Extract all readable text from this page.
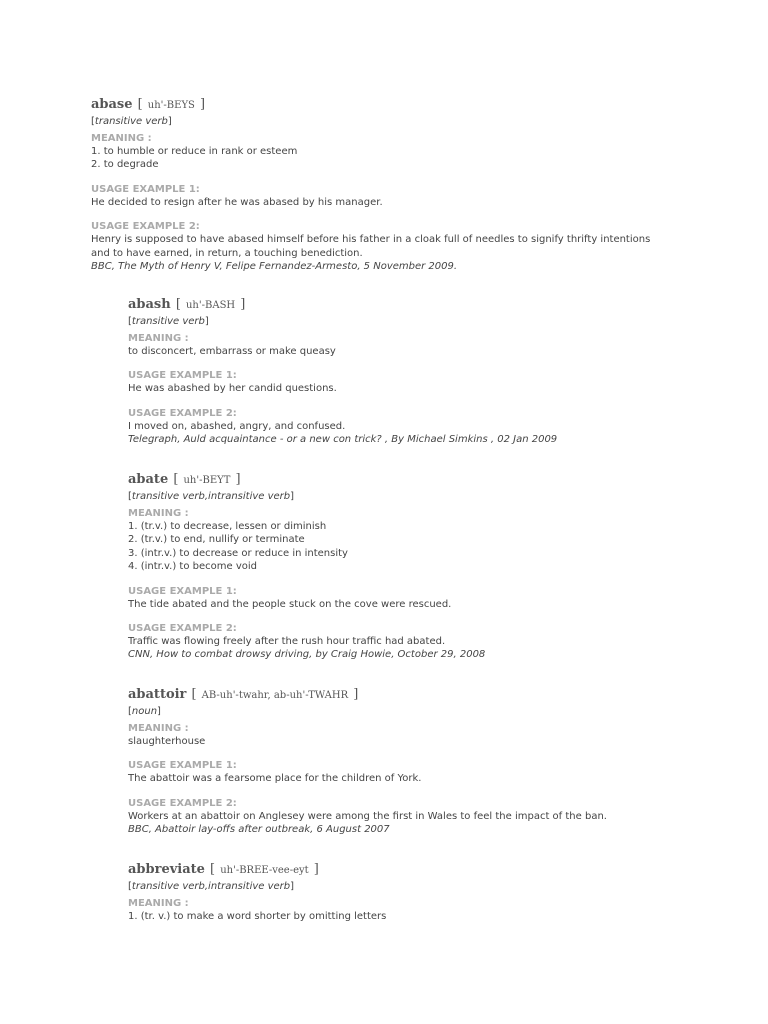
abase [ uh'-BEYS ]
[transitive verb]
MEANING :
1. to humble or reduce in rank or esteem
2. to degrade
USAGE EXAMPLE 1:
He decided to resign after he was abased by his manager.
USAGE EXAMPLE 2:
Henry is supposed to have abased himself before his father in a cloak full of needles to signify thrifty intentions
and to have earned, in return, a touching benediction.
BBC, The Myth of Henry V, Felipe Fernandez-Armesto, 5 November 2009.
abash [ uh'-BASH ]
[transitive verb]
MEANING :
to disconcert, embarrass or make queasy
USAGE EXAMPLE 1:
He was abashed by her candid questions.
USAGE EXAMPLE 2:
I moved on, abashed, angry, and confused.
Telegraph, Auld acquaintance - or a new con trick? , By Michael Simkins , 02 Jan 2009
abate [ uh'-BEYT ]
[transitive verb,intransitive verb]
MEANING :
1. (tr.v.) to decrease, lessen or diminish
2. (tr.v.) to end, nullify or terminate
3. (intr.v.) to decrease or reduce in intensity
4. (intr.v.) to become void
USAGE EXAMPLE 1:
The tide abated and the people stuck on the cove were rescued.
USAGE EXAMPLE 2:
Traffic was flowing freely after the rush hour traffic had abated.
CNN, How to combat drowsy driving, by Craig Howie, October 29, 2008
abattoir [ AB-uh'-twahr, ab-uh'-TWAHR ]
[noun]
MEANING :
slaughterhouse
USAGE EXAMPLE 1:
The abattoir was a fearsome place for the children of York.
USAGE EXAMPLE 2:
Workers at an abattoir on Anglesey were among the first in Wales to feel the impact of the ban.
BBC, Abattoir lay-offs after outbreak, 6 August 2007
abbreviate [ uh'-BREE-vee-eyt ]
[transitive verb,intransitive verb]
MEANING :
1. (tr. v.) to make a word shorter by omitting letters
